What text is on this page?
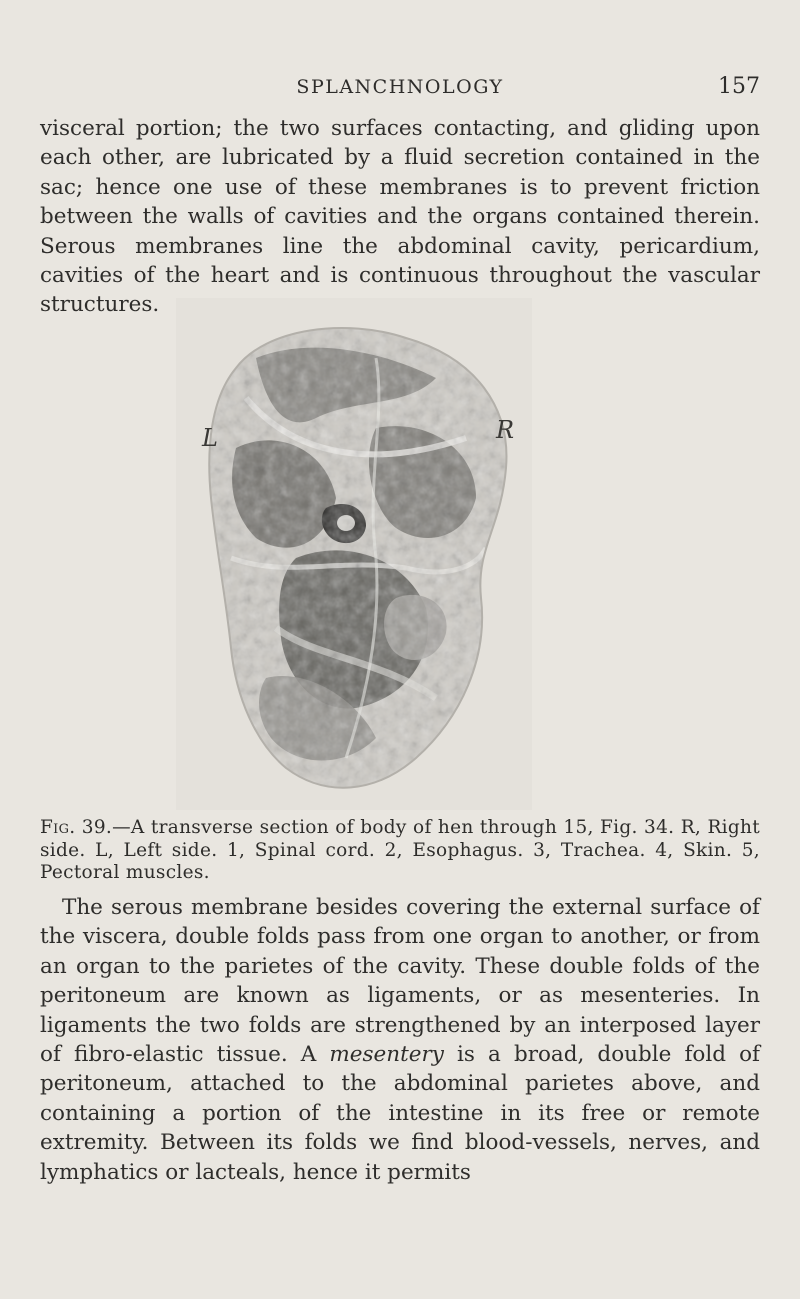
SPLANCHNOLOGY	157

visceral portion; the two surfaces contacting, and gliding upon each other, are lubricated by a fluid secretion contained in the sac; hence one use of these membranes is to prevent friction between the walls of cavities and the organs contained therein. Serous membranes line the abdominal cavity, pericardium, cavities of the heart and is continuous throughout the vascular structures.

L	R

Fig. 39.—A transverse section of body of hen through 15, Fig. 34. R, Right side. L, Left side. 1, Spinal cord. 2, Esophagus. 3, Trachea. 4, Skin. 5, Pectoral muscles.

The serous membrane besides covering the external surface of the viscera, double folds pass from one organ to another, or from an organ to the parietes of the cavity. These double folds of the peritoneum are known as ligaments, or as mesenteries. In ligaments the two folds are strengthened by an interposed layer of fibro-elastic tissue. A mesentery is a broad, double fold of peritoneum, attached to the abdominal parietes above, and containing a portion of the intestine in its free or remote extremity. Between its folds we find blood-vessels, nerves, and lymphatics or lacteals, hence it permits
